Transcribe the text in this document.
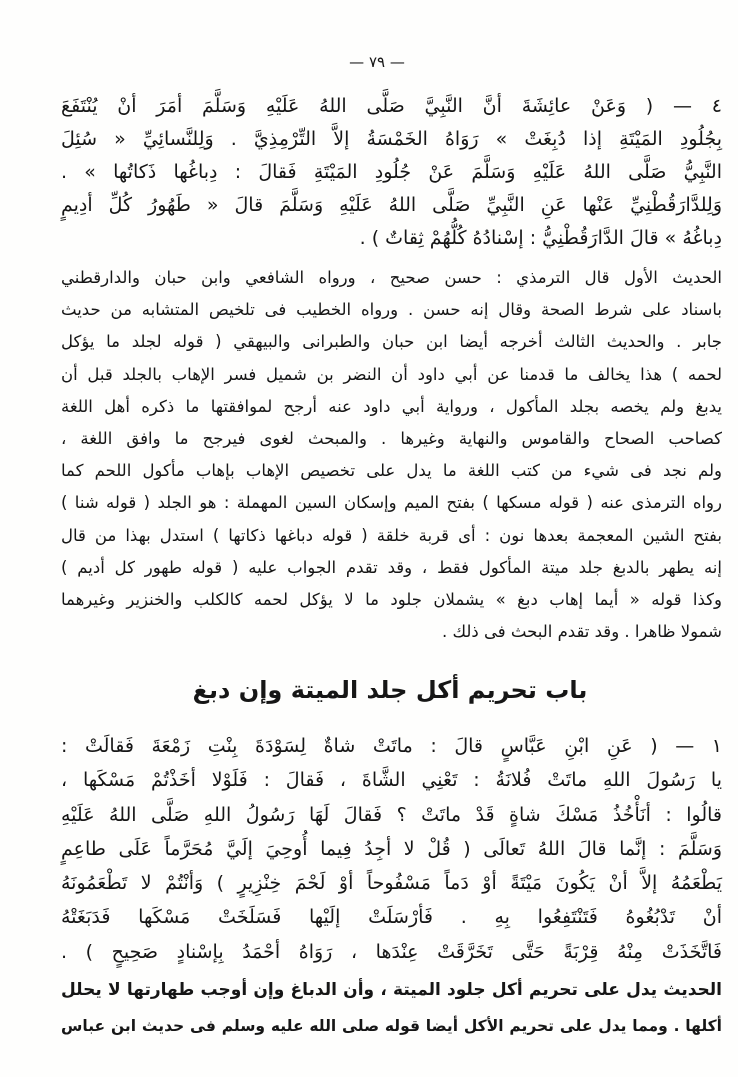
— ٧٩ —
٤ — ( وَعَنْ عائِشَةَ أنَّ النَّبِيَّ صَلَّى اللهُ عَلَيْهِ وَسَلَّمَ أمَرَ أنْ يُنْتَفَعَ
بِجُلُودِ المَيْتَةِ إذا دُبِغَتْ » رَوَاهُ الخَمْسَةُ إلاَّ التِّرْمِذِيَّ . وَلِلنَّسائِيِّ « سُئِلَ
النَّبِيُّ صَلَّى اللهُ عَلَيْهِ وَسَلَّمَ عَنْ جُلُودِ المَيْتَةِ فَقالَ : دِباغُها ذَكاتُها » .
وَلِلدَّارَقُطْنِيِّ عَنْها عَنِ النَّبِيِّ صَلَّى اللهُ عَلَيْهِ وَسَلَّمَ قالَ « طَهُورُ كُلِّ أدِيمٍ
دِباغُهُ » قالَ الدَّارَقُطْنِيُّ : إسْنادُهُ كُلُّهُمْ ثِقاتٌ ) .
الحديث الأول قال الترمذي : حسن صحيح ، ورواه الشافعي وابن حبان والدارقطني
باسناد على شرط الصحة وقال إنه حسن . ورواه الخطيب فى تلخيص المتشابه من حديث
جابر . والحديث الثالث أخرجه أيضا ابن حبان والطبرانى والبيهقي ( قوله لجلد ما يؤكل
لحمه ) هذا يخالف ما قدمنا عن أبي داود أن النضر بن شميل فسر الإهاب بالجلد قبل أن
يدبغ ولم يخصه بجلد المأكول ، ورواية أبي داود عنه أرجح لموافقتها ما ذكره أهل اللغة
كصاحب الصحاح والقاموس والنهاية وغيرها . والمبحث لغوى فيرجح ما وافق اللغة ،
ولم نجد فى شيء من كتب اللغة ما يدل على تخصيص الإهاب بإهاب مأكول اللحم كما
رواه الترمذى عنه ( قوله مسكها ) بفتح الميم وإسكان السين المهملة : هو الجلد ( قوله شنا )
بفتح الشين المعجمة بعدها نون : أى قربة خلقة ( قوله دباغها ذكاتها ) استدل بهذا من قال
إنه يطهر بالدبغ جلد ميتة المأكول فقط ، وقد تقدم الجواب عليه ( قوله طهور كل أديم )
وكذا قوله « أيما إهاب دبغ » يشملان جلود ما لا يؤكل لحمه كالكلب والخنزير وغيرهما
شمولا ظاهرا . وقد تقدم البحث فى ذلك .
باب تحريم أكل جلد الميتة وإن دبغ
١ — ( عَنِ ابْنِ عَبَّاسٍ قالَ : ماتَتْ شاةٌ لِسَوْدَةَ بِنْتِ زَمْعَةَ فَقالَتْ :
يا رَسُولَ اللهِ ماتَتْ فُلانَةُ : تَعْنِي الشَّاةَ ، فَقالَ : فَلَوْلا أخَذْتُمْ مَسْكَها ،
قالُوا : أنَأْخُذُ مَسْكَ شاةٍ قَدْ ماتَتْ ؟ فَقالَ لَهَا رَسُولُ اللهِ صَلَّى اللهُ عَلَيْهِ
وَسَلَّمَ : إنَّما قالَ اللهُ تَعالَى ( قُلْ لا أجِدُ فِيما أُوحِيَ إلَيَّ مُحَرَّماً عَلَى طاعِمٍ
يَطْعَمُهُ إلاَّ أنْ يَكُونَ مَيْتَةً أوْ دَماً مَسْفُوحاً أوْ لَحْمَ خِنْزِيرٍ ) وَأنْتُمْ لا تَطْعَمُونَهُ
أنْ تَدْبُغُوهُ فَتَنْتَفِعُوا بِهِ . فَأرْسَلَتْ إلَيْها فَسَلَخَتْ مَسْكَها فَدَبَغَتْهُ
فَاتَّخَذَتْ مِنْهُ قِرْبَةً حَتَّى تَخَرَّقَتْ عِنْدَها ، رَوَاهُ أحْمَدُ بِإسْنادٍ صَحِيحٍ ) .
الحديث يدل على تحريم أكل جلود الميتة ، وأن الدباغ وإن أوجب طهارتها لا يحلل
أكلها . ومما يدل على تحريم الأكل أيضا قوله صلى الله عليه وسلم فى حديث ابن عباس
